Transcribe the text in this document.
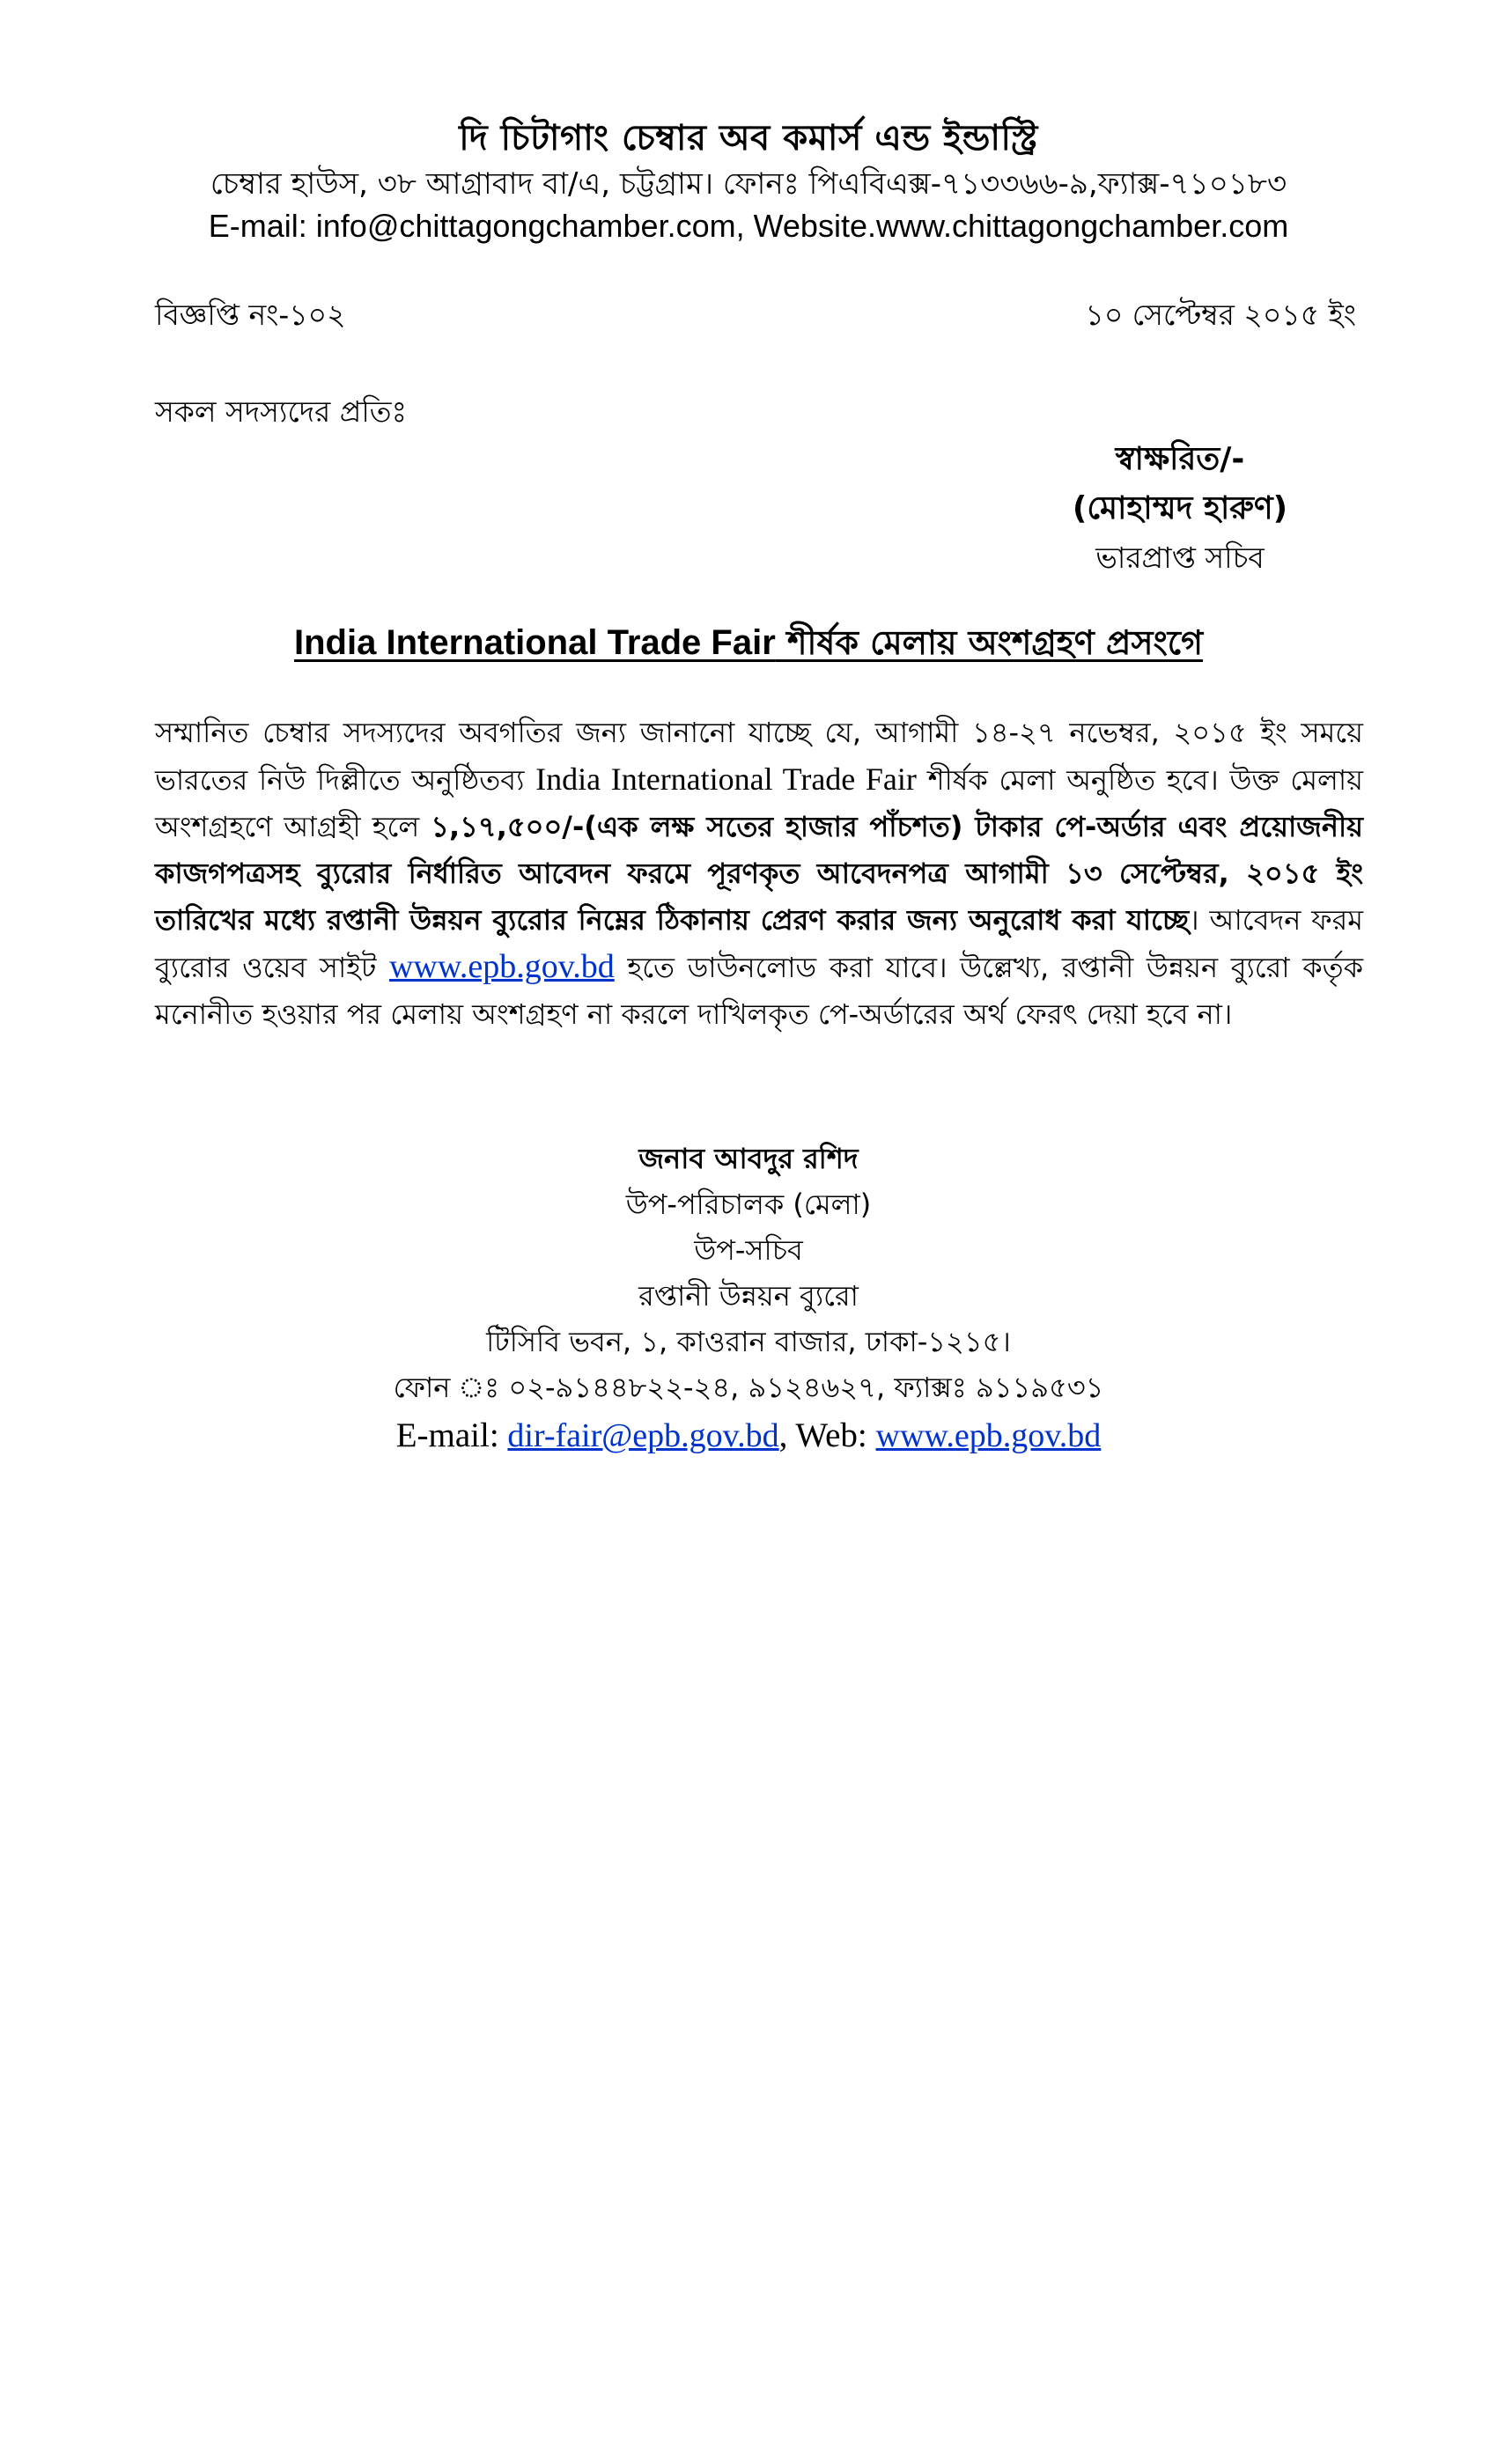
দি চিটাগাং চেম্বার অব কমার্স এন্ড ইন্ডাস্ট্রি

চেম্বার হাউস, ৩৮ আগ্রাবাদ বা/এ, চট্টগ্রাম। ফোনঃ পিএবিএক্স-৭১৩৩৬৬-৯,ফ্যাক্স-৭১০১৮৩

E-mail: info@chittagongchamber.com, Website.www.chittagongchamber.com

বিজ্ঞপ্তি নং-১০২	১০ সেপ্টেম্বর ২০১৫ ইং

সকল সদস্যদের প্রতিঃ

স্বাক্ষরিত/-
(মোহাম্মদ হারুণ)
ভারপ্রাপ্ত সচিব

India International Trade Fair শীর্ষক মেলায় অংশগ্রহণ প্রসংগে

সম্মানিত চেম্বার সদস্যদের অবগতির জন্য জানানো যাচ্ছে যে, আগামী ১৪-২৭ নভেম্বর, ২০১৫ ইং সময়ে ভারতের নিউ দিল্লীতে অনুষ্ঠিতব্য India International Trade Fair শীর্ষক মেলা অনুষ্ঠিত হবে। উক্ত মেলায় অংশগ্রহণে আগ্রহী হলে ১,১৭,৫০০/-(এক লক্ষ সতের হাজার পাঁচশত) টাকার পে-অর্ডার এবং প্রয়োজনীয় কাজগপত্রসহ ব্যুরোর নির্ধারিত আবেদন ফরমে পূরণকৃত আবেদনপত্র আগামী ১৩ সেপ্টেম্বর, ২০১৫ ইং তারিখের মধ্যে রপ্তানী উন্নয়ন ব্যুরোর নিম্নের ঠিকানায় প্রেরণ করার জন্য অনুরোধ করা যাচ্ছে। আবেদন ফরম ব্যুরোর ওয়েব সাইট www.epb.gov.bd হতে ডাউনলোড করা যাবে। উল্লেখ্য, রপ্তানী উন্নয়ন ব্যুরো কর্তৃক মনোনীত হওয়ার পর মেলায় অংশগ্রহণ না করলে দাখিলকৃত পে-অর্ডারের অর্থ ফেরৎ দেয়া হবে না।

জনাব আবদুর রশিদ
উপ-পরিচালক (মেলা)
উপ-সচিব
রপ্তানী উন্নয়ন ব্যুরো
টিসিবি ভবন, ১, কাওরান বাজার, ঢাকা-১২১৫।
ফোন ঃ ০২-৯১৪৪৮২২-২৪, ৯১২৪৬২৭, ফ্যাক্সঃ ৯১১৯৫৩১
E-mail: dir-fair@epb.gov.bd, Web: www.epb.gov.bd
